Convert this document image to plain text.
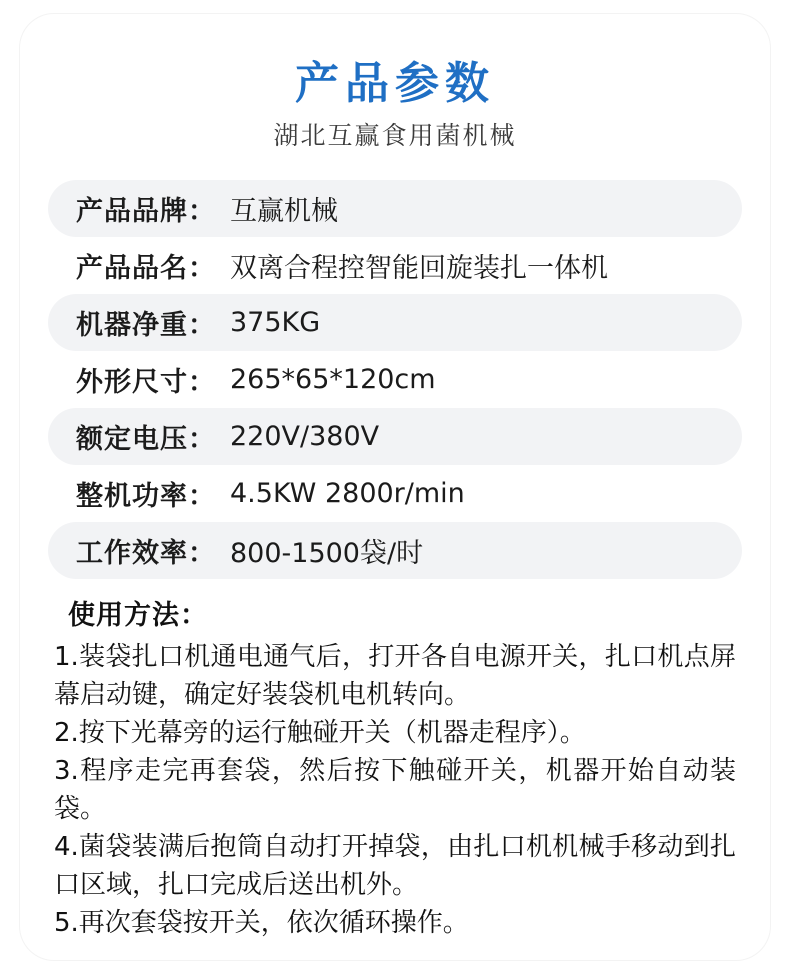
产品参数
湖北互赢食用菌机械
产品品牌： 互赢机械
产品品名： 双离合程控智能回旋装扎一体机
机器净重： 375KG
外形尺寸： 265*65*120cm
额定电压： 220V/380V
整机功率： 4.5KW 2800r/min
工作效率： 800-1500袋/时
使用方法：
1.装袋扎口机通电通气后，打开各自电源开关，扎口机点屏幕启动键，确定好装袋机电机转向。
2.按下光幕旁的运行触碰开关（机器走程序）。
3.程序走完再套袋，然后按下触碰开关，机器开始自动装袋。
4.菌袋装满后抱筒自动打开掉袋，由扎口机机械手移动到扎口区域，扎口完成后送出机外。
5.再次套袋按开关，依次循环操作。
